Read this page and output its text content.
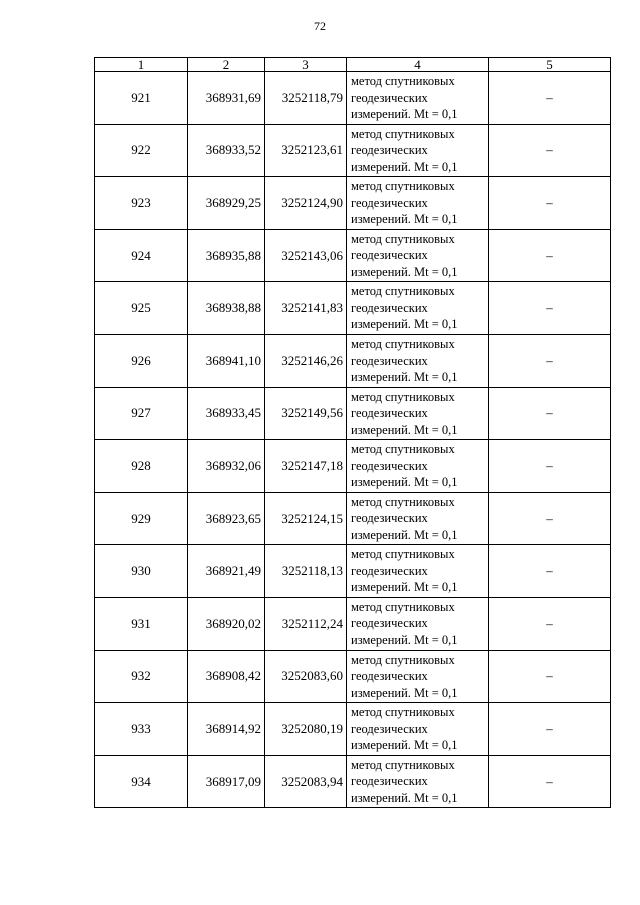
72
1	2	3	4	5
921	368931,69	3252118,79	метод спутниковых
геодезических
измерений. Mt = 0,1	–
922	368933,52	3252123,61	метод спутниковых
геодезических
измерений. Mt = 0,1	–
923	368929,25	3252124,90	метод спутниковых
геодезических
измерений. Mt = 0,1	–
924	368935,88	3252143,06	метод спутниковых
геодезических
измерений. Mt = 0,1	–
925	368938,88	3252141,83	метод спутниковых
геодезических
измерений. Mt = 0,1	–
926	368941,10	3252146,26	метод спутниковых
геодезических
измерений. Mt = 0,1	–
927	368933,45	3252149,56	метод спутниковых
геодезических
измерений. Mt = 0,1	–
928	368932,06	3252147,18	метод спутниковых
геодезических
измерений. Mt = 0,1	–
929	368923,65	3252124,15	метод спутниковых
геодезических
измерений. Mt = 0,1	–
930	368921,49	3252118,13	метод спутниковых
геодезических
измерений. Mt = 0,1	–
931	368920,02	3252112,24	метод спутниковых
геодезических
измерений. Mt = 0,1	–
932	368908,42	3252083,60	метод спутниковых
геодезических
измерений. Mt = 0,1	–
933	368914,92	3252080,19	метод спутниковых
геодезических
измерений. Mt = 0,1	–
934	368917,09	3252083,94	метод спутниковых
геодезических
измерений. Mt = 0,1	–
